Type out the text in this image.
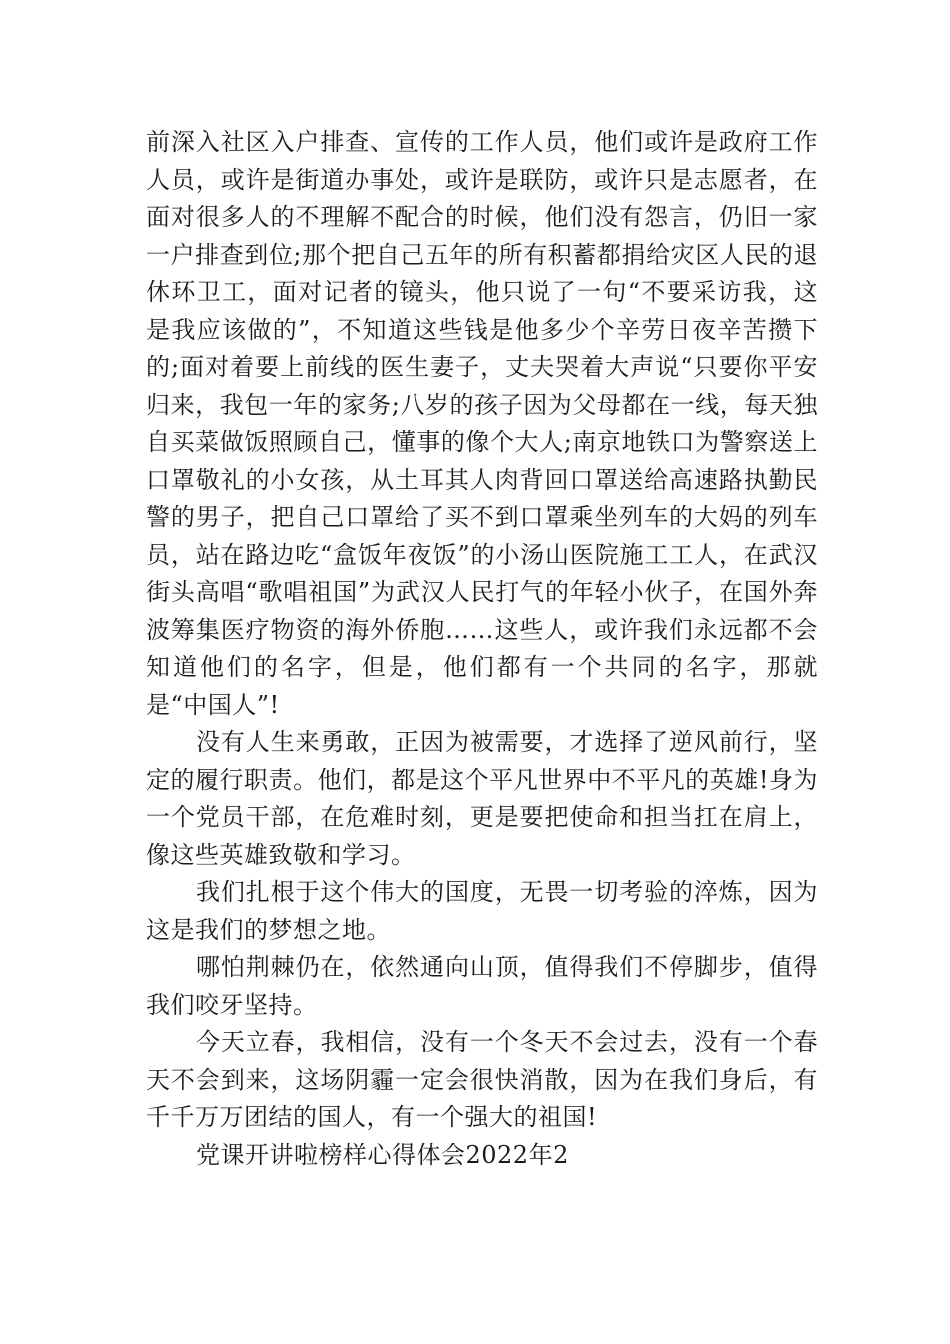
前深入社区入户排查、宣传的工作人员，他们或许是政府工作人员，或许是街道办事处，或许是联防，或许只是志愿者，在面对很多人的不理解不配合的时候，他们没有怨言，仍旧一家一户排查到位;那个把自己五年的所有积蓄都捐给灾区人民的退休环卫工，面对记者的镜头，他只说了一句“不要采访我，这是我应该做的”，不知道这些钱是他多少个辛劳日夜辛苦攒下的;面对着要上前线的医生妻子，丈夫哭着大声说“只要你平安归来，我包一年的家务;八岁的孩子因为父母都在一线，每天独自买菜做饭照顾自己，懂事的像个大人;南京地铁口为警察送上口罩敬礼的小女孩，从土耳其人肉背回口罩送给高速路执勤民警的男子，把自己口罩给了买不到口罩乘坐列车的大妈的列车员，站在路边吃“盒饭年夜饭”的小汤山医院施工工人，在武汉街头高唱“歌唱祖国”为武汉人民打气的年轻小伙子，在国外奔波筹集医疗物资的海外侨胞……这些人，或许我们永远都不会知道他们的名字，但是，他们都有一个共同的名字，那就是“中国人”!

没有人生来勇敢，正因为被需要，才选择了逆风前行，坚定的履行职责。他们，都是这个平凡世界中不平凡的英雄!身为一个党员干部，在危难时刻，更是要把使命和担当扛在肩上，像这些英雄致敬和学习。

我们扎根于这个伟大的国度，无畏一切考验的淬炼，因为这是我们的梦想之地。

哪怕荆棘仍在，依然通向山顶，值得我们不停脚步，值得我们咬牙坚持。

今天立春，我相信，没有一个冬天不会过去，没有一个春天不会到来，这场阴霾一定会很快消散，因为在我们身后，有千千万万团结的国人，有一个强大的祖国!

党课开讲啦榜样心得体会2022年2
